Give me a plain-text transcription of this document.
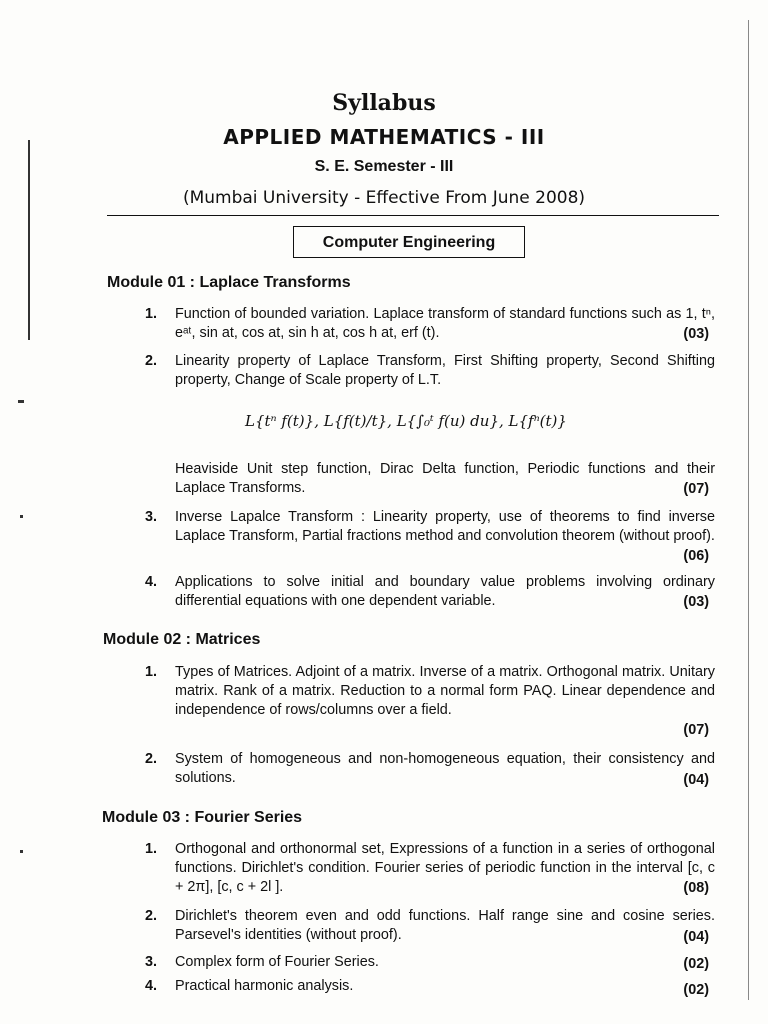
Syllabus
APPLIED MATHEMATICS - III
S. E. Semester - III
(Mumbai University - Effective From June 2008)
Computer Engineering
Module 01 : Laplace Transforms
1. Function of bounded variation. Laplace transform of standard functions such as 1, tⁿ, eᵃᵗ, sin at, cos at, sin h at, cos h at, erf (t).	(03)
2. Linearity property of Laplace Transform, First Shifting property, Second Shifting property, Change of Scale property of L.T.
L{tⁿ f(t)}, L{f(t)/t}, L{∫₀ᵗ f(u) du}, L{fⁿ(t)}
Heaviside Unit step function, Dirac Delta function, Periodic functions and their Laplace Transforms.	(07)
3. Inverse Lapalce Transform : Linearity property, use of theorems to find inverse Laplace Transform, Partial fractions method and convolution theorem (without proof).
(06)
4. Applications to solve initial and boundary value problems involving ordinary differential equations with one dependent variable.	(03)
Module 02 : Matrices
1. Types of Matrices. Adjoint of a matrix. Inverse of a matrix. Orthogonal matrix. Unitary matrix. Rank of a matrix. Reduction to a normal form PAQ. Linear dependence and independence of rows/columns over a field.
(07)
2. System of homogeneous and non-homogeneous equation, their consistency and solutions.	(04)
Module 03 : Fourier Series
1. Orthogonal and orthonormal set, Expressions of a function in a series of orthogonal functions. Dirichlet's condition. Fourier series of periodic function in the interval [c, c + 2π], [c, c + 2l ].	(08)
2. Dirichlet's theorem even and odd functions. Half range sine and cosine series. Parsevel's identities (without proof).	(04)
3. Complex form of Fourier Series.	(02)
4. Practical harmonic analysis.	(02)
